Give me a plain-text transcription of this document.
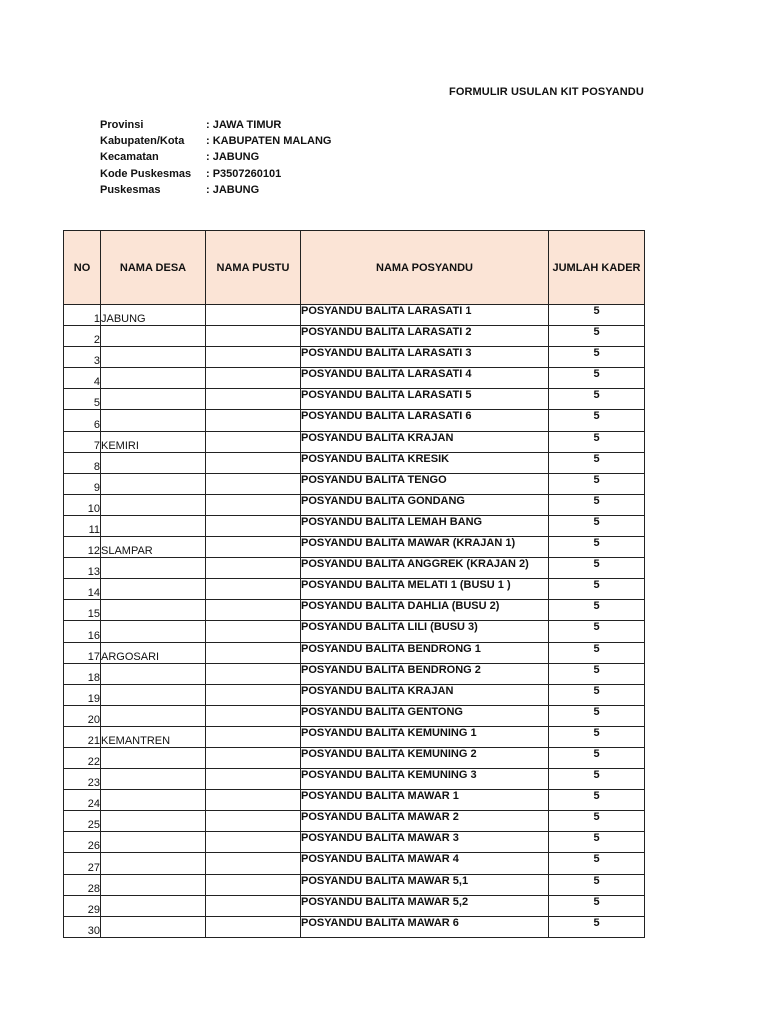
FORMULIR USULAN KIT POSYANDU
Provinsi	: JAWA TIMUR
Kabupaten/Kota : KABUPATEN MALANG
Kecamatan	: JABUNG
Kode Puskesmas : P3507260101
Puskesmas	: JABUNG
NO	NAMA DESA	NAMA PUSTU	NAMA POSYANDU	JUMLAH KADER
1	JABUNG		POSYANDU BALITA LARASATI 1	5
2			POSYANDU BALITA LARASATI 2	5
3			POSYANDU BALITA LARASATI 3	5
4			POSYANDU BALITA LARASATI 4	5
5			POSYANDU BALITA LARASATI 5	5
6			POSYANDU BALITA LARASATI 6	5
7	KEMIRI		POSYANDU BALITA KRAJAN	5
8			POSYANDU BALITA KRESIK	5
9			POSYANDU BALITA TENGO	5
10			POSYANDU BALITA GONDANG	5
11			POSYANDU BALITA LEMAH BANG	5
12	SLAMPAR		POSYANDU BALITA MAWAR (KRAJAN 1)	5
13			POSYANDU BALITA ANGGREK (KRAJAN 2)	5
14			POSYANDU BALITA MELATI 1 (BUSU 1 )	5
15			POSYANDU BALITA DAHLIA (BUSU 2)	5
16			POSYANDU BALITA LILI (BUSU 3)	5
17	ARGOSARI		POSYANDU BALITA BENDRONG 1	5
18			POSYANDU BALITA BENDRONG 2	5
19			POSYANDU BALITA KRAJAN	5
20			POSYANDU BALITA GENTONG	5
21	KEMANTREN		POSYANDU BALITA KEMUNING 1	5
22			POSYANDU BALITA KEMUNING 2	5
23			POSYANDU BALITA KEMUNING 3	5
24			POSYANDU BALITA MAWAR 1	5
25			POSYANDU BALITA MAWAR 2	5
26			POSYANDU BALITA MAWAR 3	5
27			POSYANDU BALITA MAWAR 4	5
28			POSYANDU BALITA MAWAR 5,1	5
29			POSYANDU BALITA MAWAR 5,2	5
30			POSYANDU BALITA MAWAR 6	5
